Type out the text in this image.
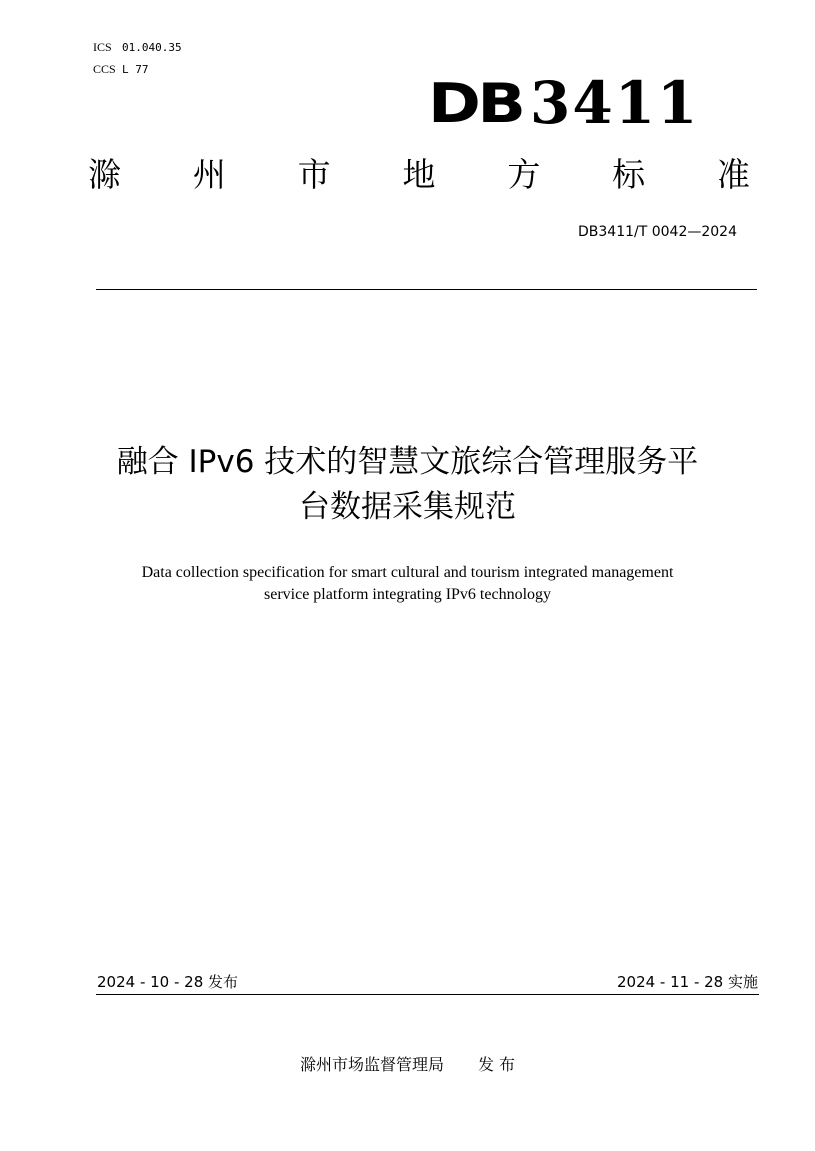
ICS 01.040.35
CCS L 77
DB 3411
滁 州 市 地 方 标 准
DB3411/T 0042—2024
融合 IPv6 技术的智慧文旅综合管理服务平
台数据采集规范
Data collection specification for smart cultural and tourism integrated management
service platform integrating IPv6 technology
2024 - 10 - 28 发布	2024 - 11 - 28 实施
滁州市场监督管理局 发 布
